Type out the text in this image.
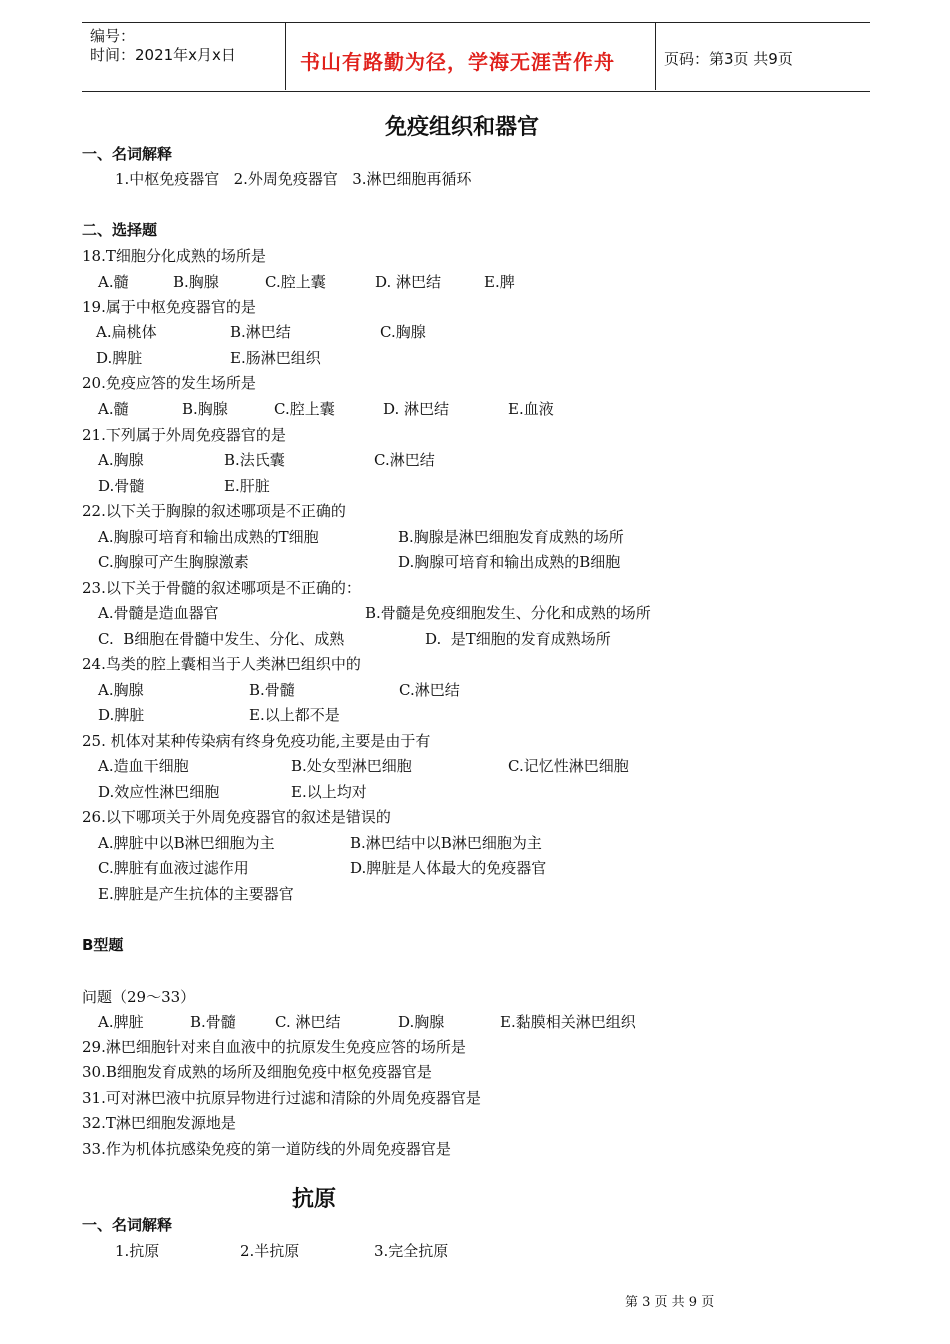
编号：
时间：2021年x月x日	书山有路勤为径，学海无涯苦作舟	页码：第3页 共9页
免疫组织和器官
一、名词解释
1.中枢免疫器官   2.外周免疫器官   3.淋巴细胞再循环
二、选择题
18.T细胞分化成熟的场所是
A.髓	B.胸腺	C.腔上囊	D. 淋巴结	E.脾
19.属于中枢免疫器官的是
A.扁桃体	B.淋巴结	C.胸腺
D.脾脏	E.肠淋巴组织
20.免疫应答的发生场所是
A.髓	B.胸腺	C.腔上囊	D. 淋巴结	E.血液
21.下列属于外周免疫器官的是
A.胸腺	B.法氏囊	C.淋巴结
D.骨髓	E.肝脏
22.以下关于胸腺的叙述哪项是不正确的
A.胸腺可培育和输出成熟的T细胞	B.胸腺是淋巴细胞发育成熟的场所
C.胸腺可产生胸腺激素	D.胸腺可培育和输出成熟的B细胞
23.以下关于骨髓的叙述哪项是不正确的：
A.骨髓是造血器官	B.骨髓是免疫细胞发生、分化和成熟的场所
C.  B细胞在骨髓中发生、分化、成熟	D.  是T细胞的发育成熟场所
24.鸟类的腔上囊相当于人类淋巴组织中的
A.胸腺	B.骨髓	C.淋巴结
D.脾脏	E.以上都不是
25. 机体对某种传染病有终身免疫功能,主要是由于有
A.造血干细胞	B.处女型淋巴细胞	C.记忆性淋巴细胞
D.效应性淋巴细胞	E.以上均对
26.以下哪项关于外周免疫器官的叙述是错误的
A.脾脏中以B淋巴细胞为主	B.淋巴结中以B淋巴细胞为主
C.脾脏有血液过滤作用	D.脾脏是人体最大的免疫器官
E.脾脏是产生抗体的主要器官
B型题
问题（29～33）
A.脾脏	B.骨髓	C. 淋巴结	D.胸腺	E.黏膜相关淋巴组织
29.淋巴细胞针对来自血液中的抗原发生免疫应答的场所是
30.B细胞发育成熟的场所及细胞免疫中枢免疫器官是
31.可对淋巴液中抗原异物进行过滤和清除的外周免疫器官是
32.T淋巴细胞发源地是
33.作为机体抗感染免疫的第一道防线的外周免疫器官是
抗原
一、名词解释
1.抗原	2.半抗原	3.完全抗原
第 3 页 共 9 页
